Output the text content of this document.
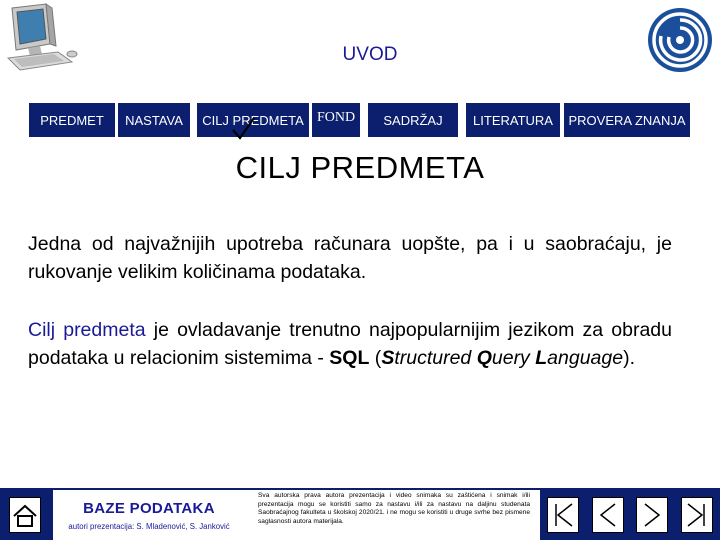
UVOD
PREDMET NASTAVA CILJ PREDMETA FOND SADRŽAJ LITERATURA PROVERA ZNANJA
CILJ PREDMETA
Jedna od najvažnijih upotreba računara uopšte, pa i u saobraćaju, je rukovanje velikim količinama podataka.
Cilj predmeta je ovladavanje trenutno najpopularnijim jezikom za obradu podataka u relacionim sistemima - SQL (Structured Query Language).
BAZE PODATAKA
autori prezentacija: S. Mladenović, S. Janković
Sva autorska prava autora prezentacija i video snimaka su zaštićena i snimak i/ili prezentacija mogu se koristiti samo za nastavu i/ili za nastavu na daljinu studenata Saobraćajnog fakulteta u školskoj 2020/21. i ne mogu se koristiti u druge svrhe bez pismene saglasnosti autora materijala.
